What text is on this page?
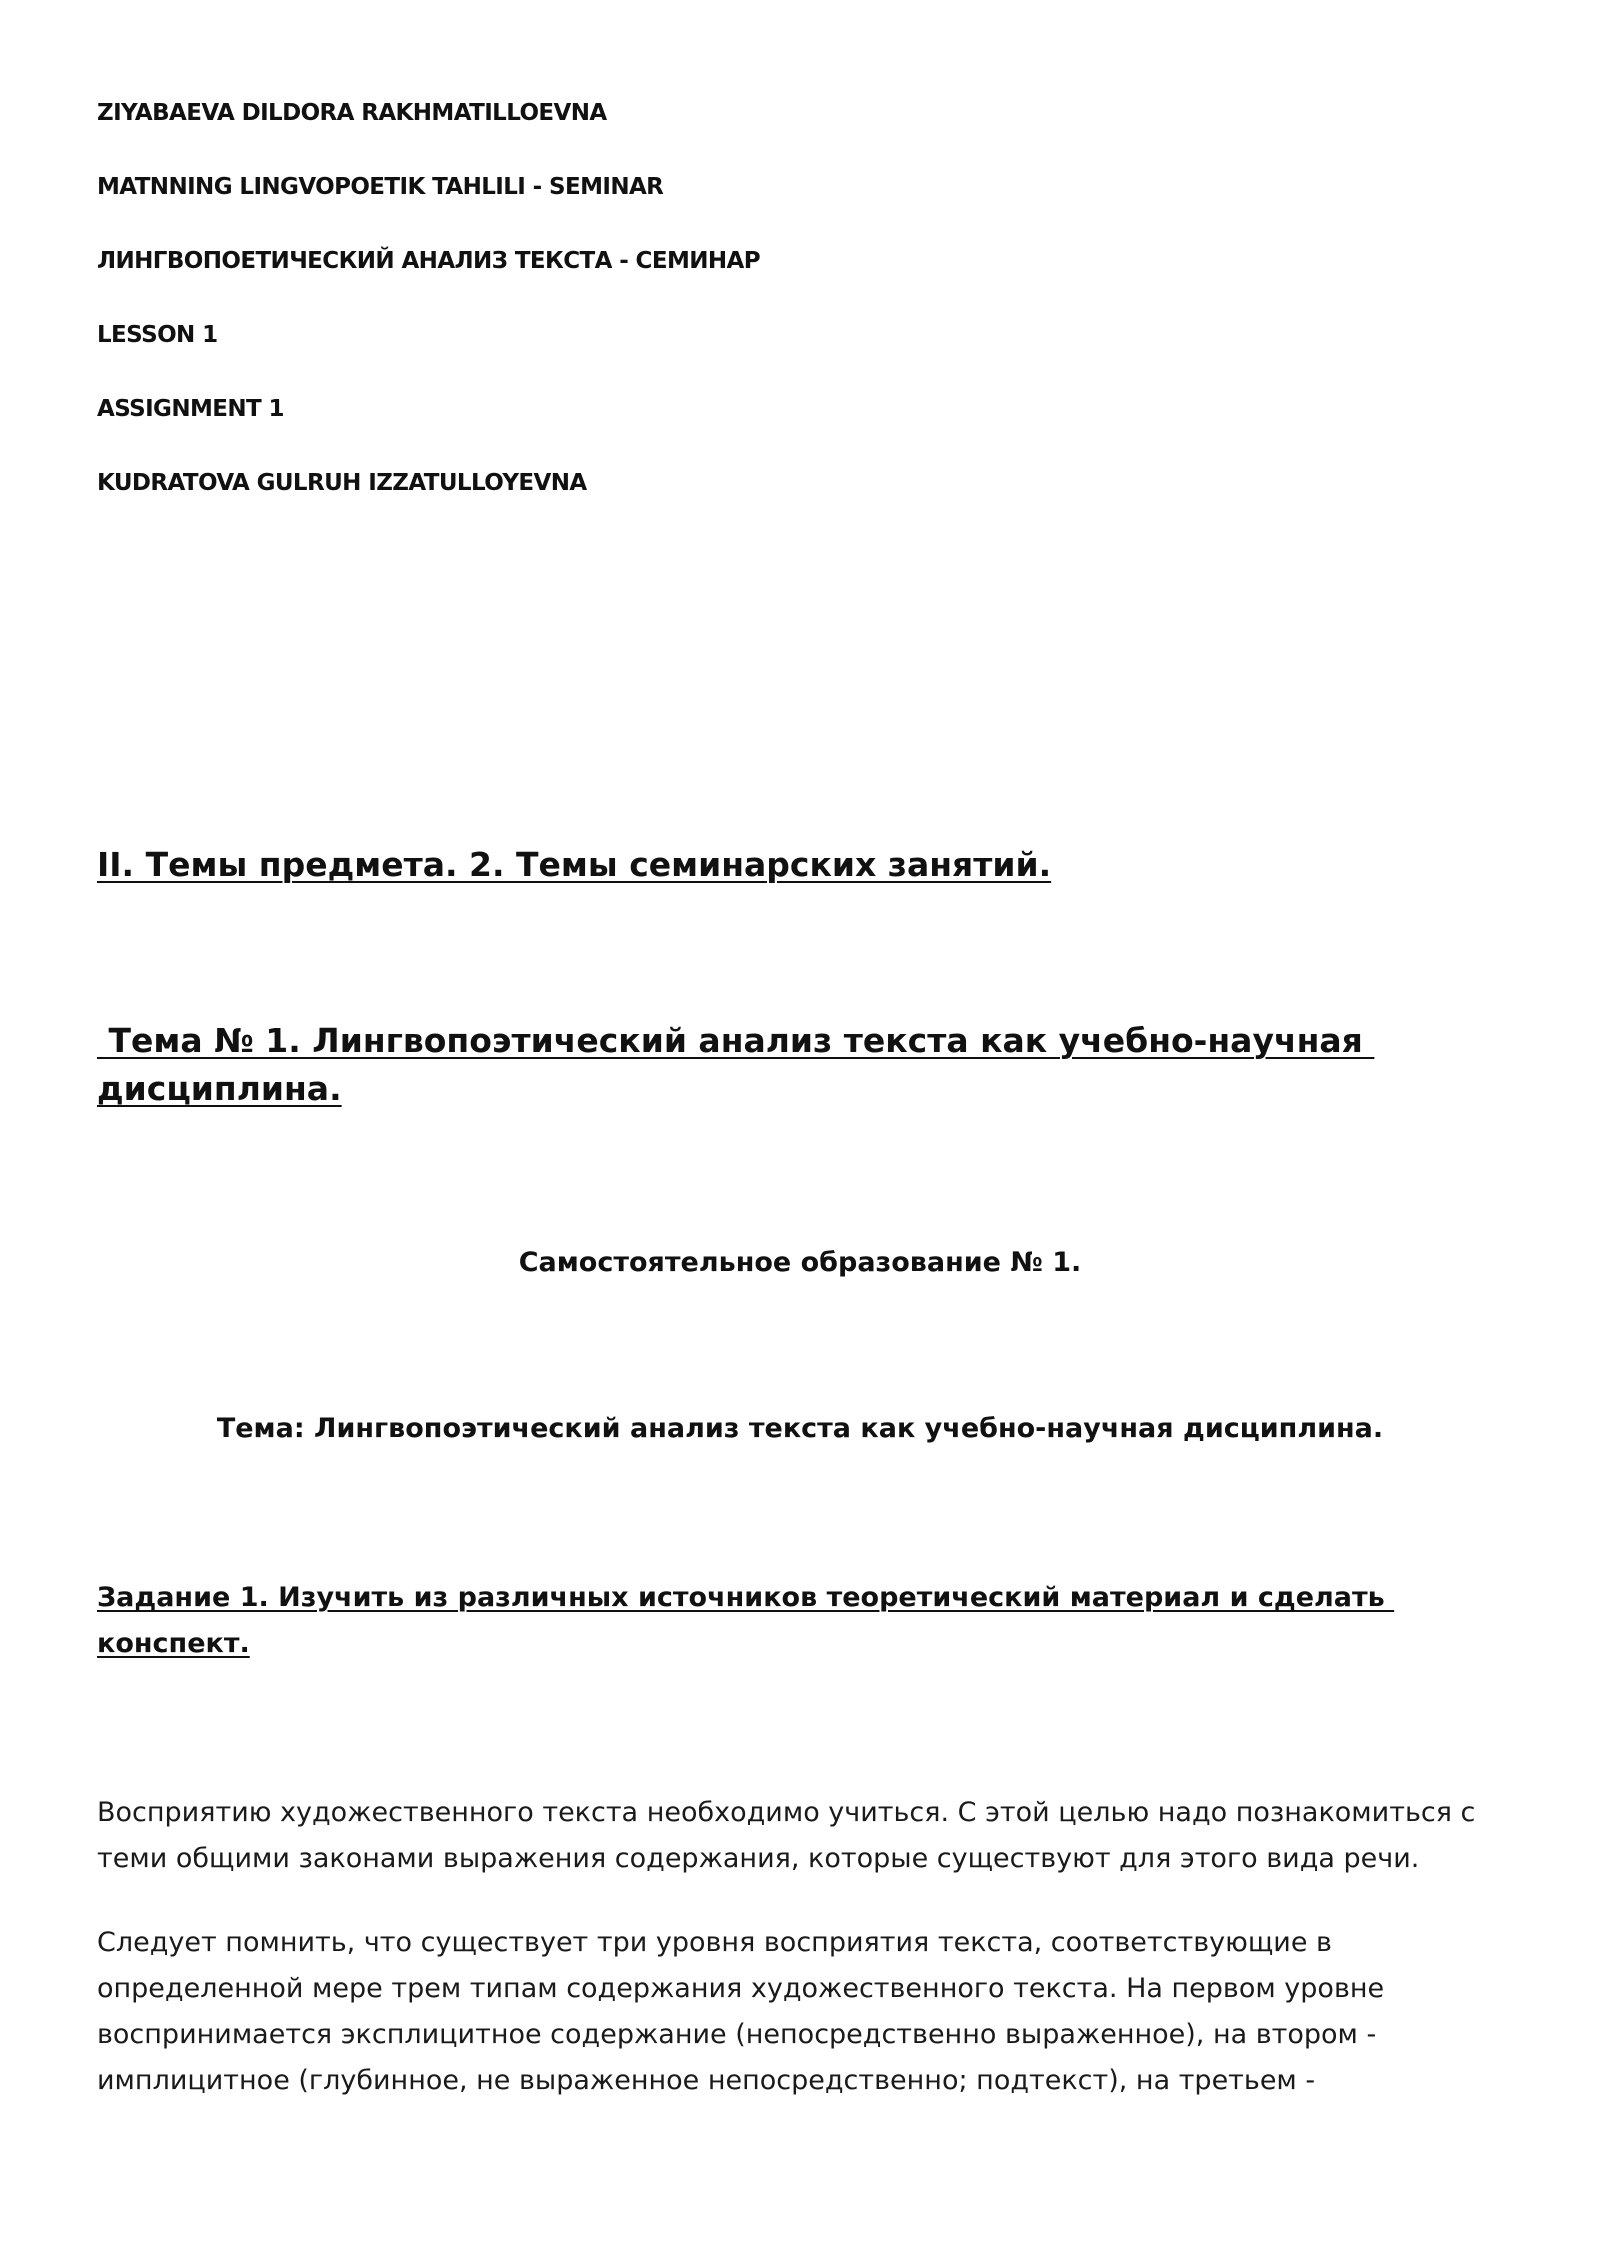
ZIYABAEVA DILDORA RAKHMATILLOEVNA
MATNNING LINGVOPOETIK TAHLILI - SEMINAR
ЛИНГВОПОЕТИЧЕСКИЙ АНАЛИЗ ТЕКСТА - СЕМИНАР
LESSON 1
ASSIGNMENT 1
KUDRATOVA GULRUH IZZATULLOYEVNA
II. Темы предмета. 2. Темы семинарских занятий.
Тема № 1. Лингвопоэтический анализ текста как учебно-научная
дисциплина.
Самостоятельное образование № 1.
Тема: Лингвопоэтический анализ текста как учебно-научная дисциплина.
Задание 1. Изучить из различных источников теоретический материал и сделать
конспект.
Восприятию художественного текста необходимо учиться. С этой целью надо познакомиться с
теми общими законами выражения содержания, которые существуют для этого вида речи.
Следует помнить, что существует три уровня восприятия текста, соответствующие в
определенной мере трем типам содержания художественного текста. На первом уровне
воспринимается эксплицитное содержание (непосредственно выраженное), на втором -
имплицитное (глубинное, не выраженное непосредственно; подтекст), на третьем -
